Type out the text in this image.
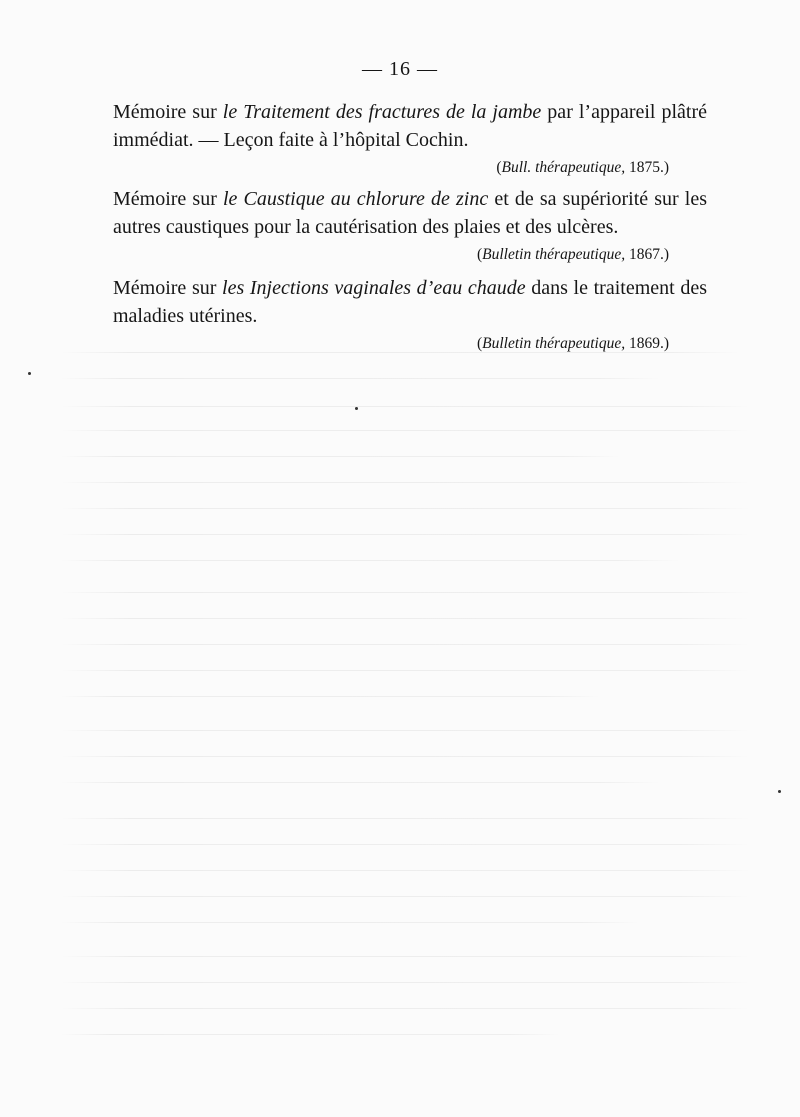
— 16 —

Mémoire sur le Traitement des fractures de la jambe par l’appareil plâtré immédiat. — Leçon faite à l’hôpital Cochin.

(Bull. thérapeutique, 1875.)

Mémoire sur le Caustique au chlorure de zinc et de sa supériorité sur les autres caustiques pour la cautérisation des plaies et des ulcères.

(Bulletin thérapeutique, 1867.)

Mémoire sur les Injections vaginales d’eau chaude dans le traitement des maladies utérines.

(Bulletin thérapeutique, 1869.)
